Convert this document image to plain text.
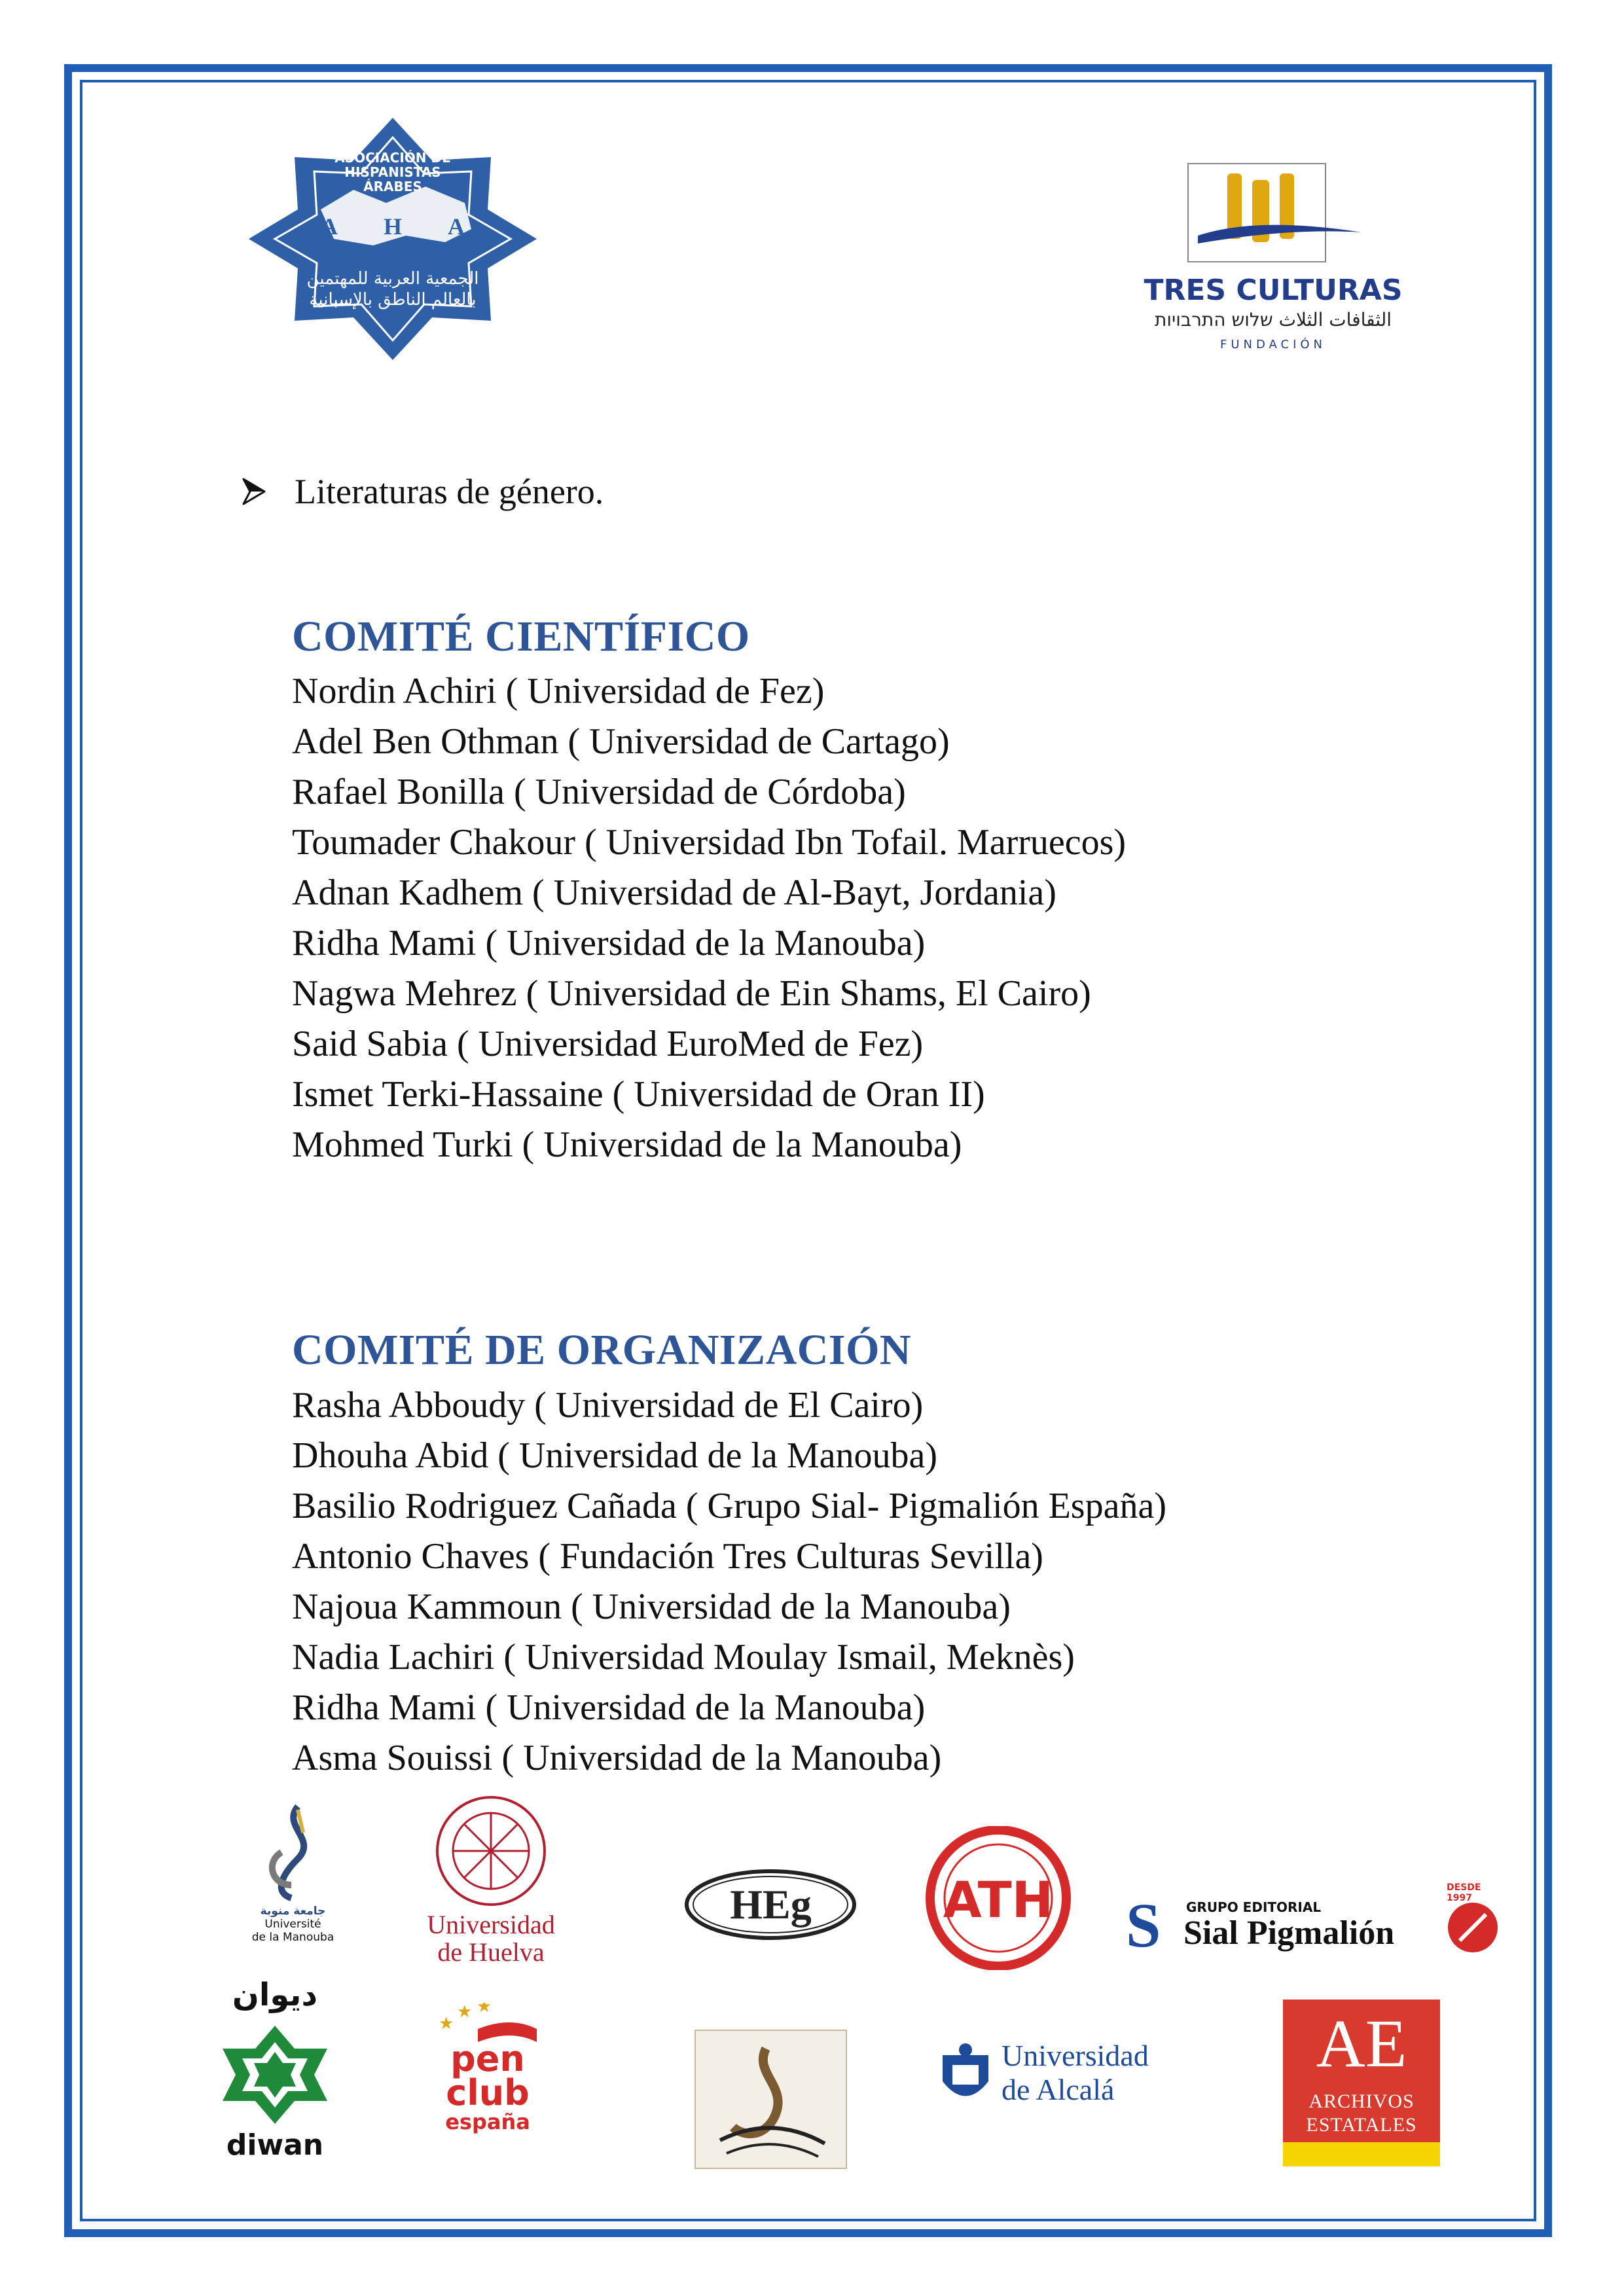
ASOCIACIÓN DE
HISPANISTAS
ÁRABES
A H A
الجمعية العربية للمهتمين
بالعالم الناطق بالإسبانية	TRES CULTURAS
الثقافات الثلاث שלוש התרבויות
FUNDACIÓN
Literaturas de género.
COMITÉ CIENTÍFICO
Nordin Achiri ( Universidad de Fez)
Adel Ben Othman ( Universidad de Cartago)
Rafael Bonilla ( Universidad de Córdoba)
Toumader Chakour ( Universidad Ibn Tofail. Marruecos)
Adnan Kadhem ( Universidad de Al-Bayt, Jordania)
Ridha Mami ( Universidad de la Manouba)
Nagwa Mehrez ( Universidad de Ein Shams, El Cairo)
Said Sabia ( Universidad EuroMed de Fez)
Ismet Terki-Hassaine ( Universidad de Oran II)
Mohmed Turki ( Universidad de la Manouba)
COMITÉ DE ORGANIZACIÓN
Rasha Abboudy ( Universidad de El Cairo)
Dhouha Abid ( Universidad de la Manouba)
Basilio Rodriguez Cañada ( Grupo Sial- Pigmalión España)
Antonio Chaves ( Fundación Tres Culturas Sevilla)
Najoua Kammoun ( Universidad de la Manouba)
Nadia Lachiri ( Universidad Moulay Ismail, Meknès)
Ridha Mami ( Universidad de la Manouba)
Asma Souissi ( Universidad de la Manouba)
جامعة منوبة
Université
de la Manouba	Universidad
de Huelva
HEg	ATH	S GRUPO EDITORIAL
Sial Pigmalión
DESDE 1997
ديوان
diwan
★
★ ★
pen
club
españa
Universidad
de Alcalá
AE
ARCHIVOS
ESTATALES
